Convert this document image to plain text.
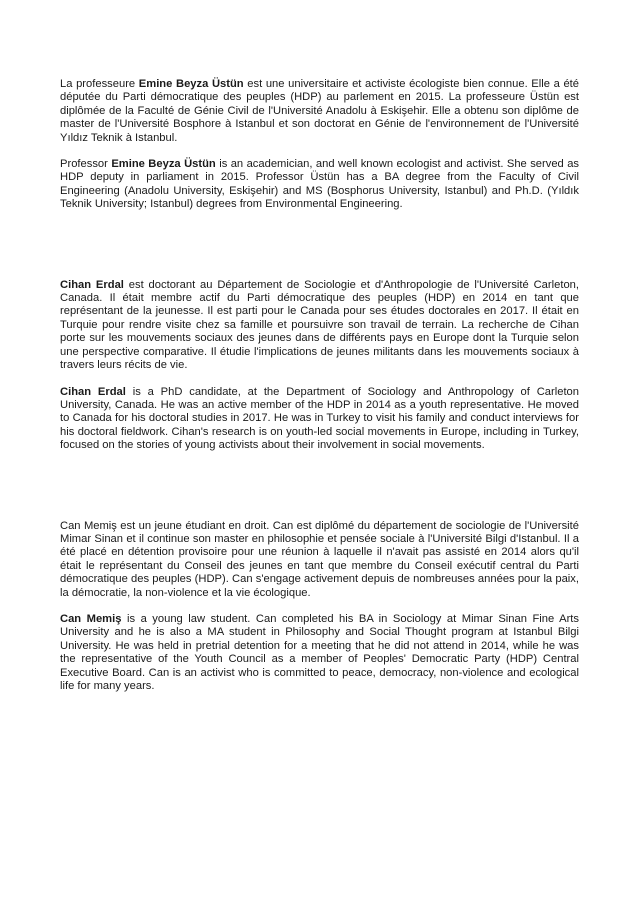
La professeure Emine Beyza Üstün est une universitaire et activiste écologiste bien connue. Elle a été députée du Parti démocratique des peuples (HDP) au parlement en 2015. La professeure Üstün est diplômée de la Faculté de Génie Civil de l'Université Anadolu à Eskişehir. Elle a obtenu son diplôme de master de l'Université Bosphore à Istanbul et son doctorat en Génie de l'environnement de l'Université Yıldız Teknik à Istanbul.

Professor Emine Beyza Üstün is an academician, and well known ecologist and activist. She served as HDP deputy in parliament in 2015. Professor Üstün has a BA degree from the Faculty of Civil Engineering (Anadolu University, Eskişehir) and MS (Bosphorus University, Istanbul) and Ph.D. (Yıldık Teknik University; Istanbul) degrees from Environmental Engineering.

Cihan Erdal est doctorant au Département de Sociologie et d'Anthropologie de l'Université Carleton, Canada. Il était membre actif du Parti démocratique des peuples (HDP) en 2014 en tant que représentant de la jeunesse. Il est parti pour le Canada pour ses études doctorales en 2017. Il était en Turquie pour rendre visite chez sa famille et poursuivre son travail de terrain. La recherche de Cihan porte sur les mouvements sociaux des jeunes dans de différents pays en Europe dont la Turquie selon une perspective comparative. Il étudie l'implications de jeunes militants dans les mouvements sociaux à travers leurs récits de vie.

Cihan Erdal is a PhD candidate, at the Department of Sociology and Anthropology of Carleton University, Canada. He was an active member of the HDP in 2014 as a youth representative. He moved to Canada for his doctoral studies in 2017. He was in Turkey to visit his family and conduct interviews for his doctoral fieldwork. Cihan's research is on youth-led social movements in Europe, including in Turkey, focused on the stories of young activists about their involvement in social movements.

Can Memiş est un jeune étudiant en droit. Can est diplômé du département de sociologie de l'Université Mimar Sinan et il continue son master en philosophie et pensée sociale à l'Université Bilgi d'Istanbul. Il a été placé en détention provisoire pour une réunion à laquelle il n'avait pas assisté en 2014 alors qu'il était le représentant du Conseil des jeunes en tant que membre du Conseil exécutif central du Parti démocratique des peuples (HDP). Can s'engage activement depuis de nombreuses années pour la paix, la démocratie, la non-violence et la vie écologique.

Can Memiş is a young law student. Can completed his BA in Sociology at Mimar Sinan Fine Arts University and he is also a MA student in Philosophy and Social Thought program at Istanbul Bilgi University. He was held in pretrial detention for a meeting that he did not attend in 2014, while he was the representative of the Youth Council as a member of Peoples' Democratic Party (HDP) Central Executive Board. Can is an activist who is committed to peace, democracy, non-violence and ecological life for many years.
